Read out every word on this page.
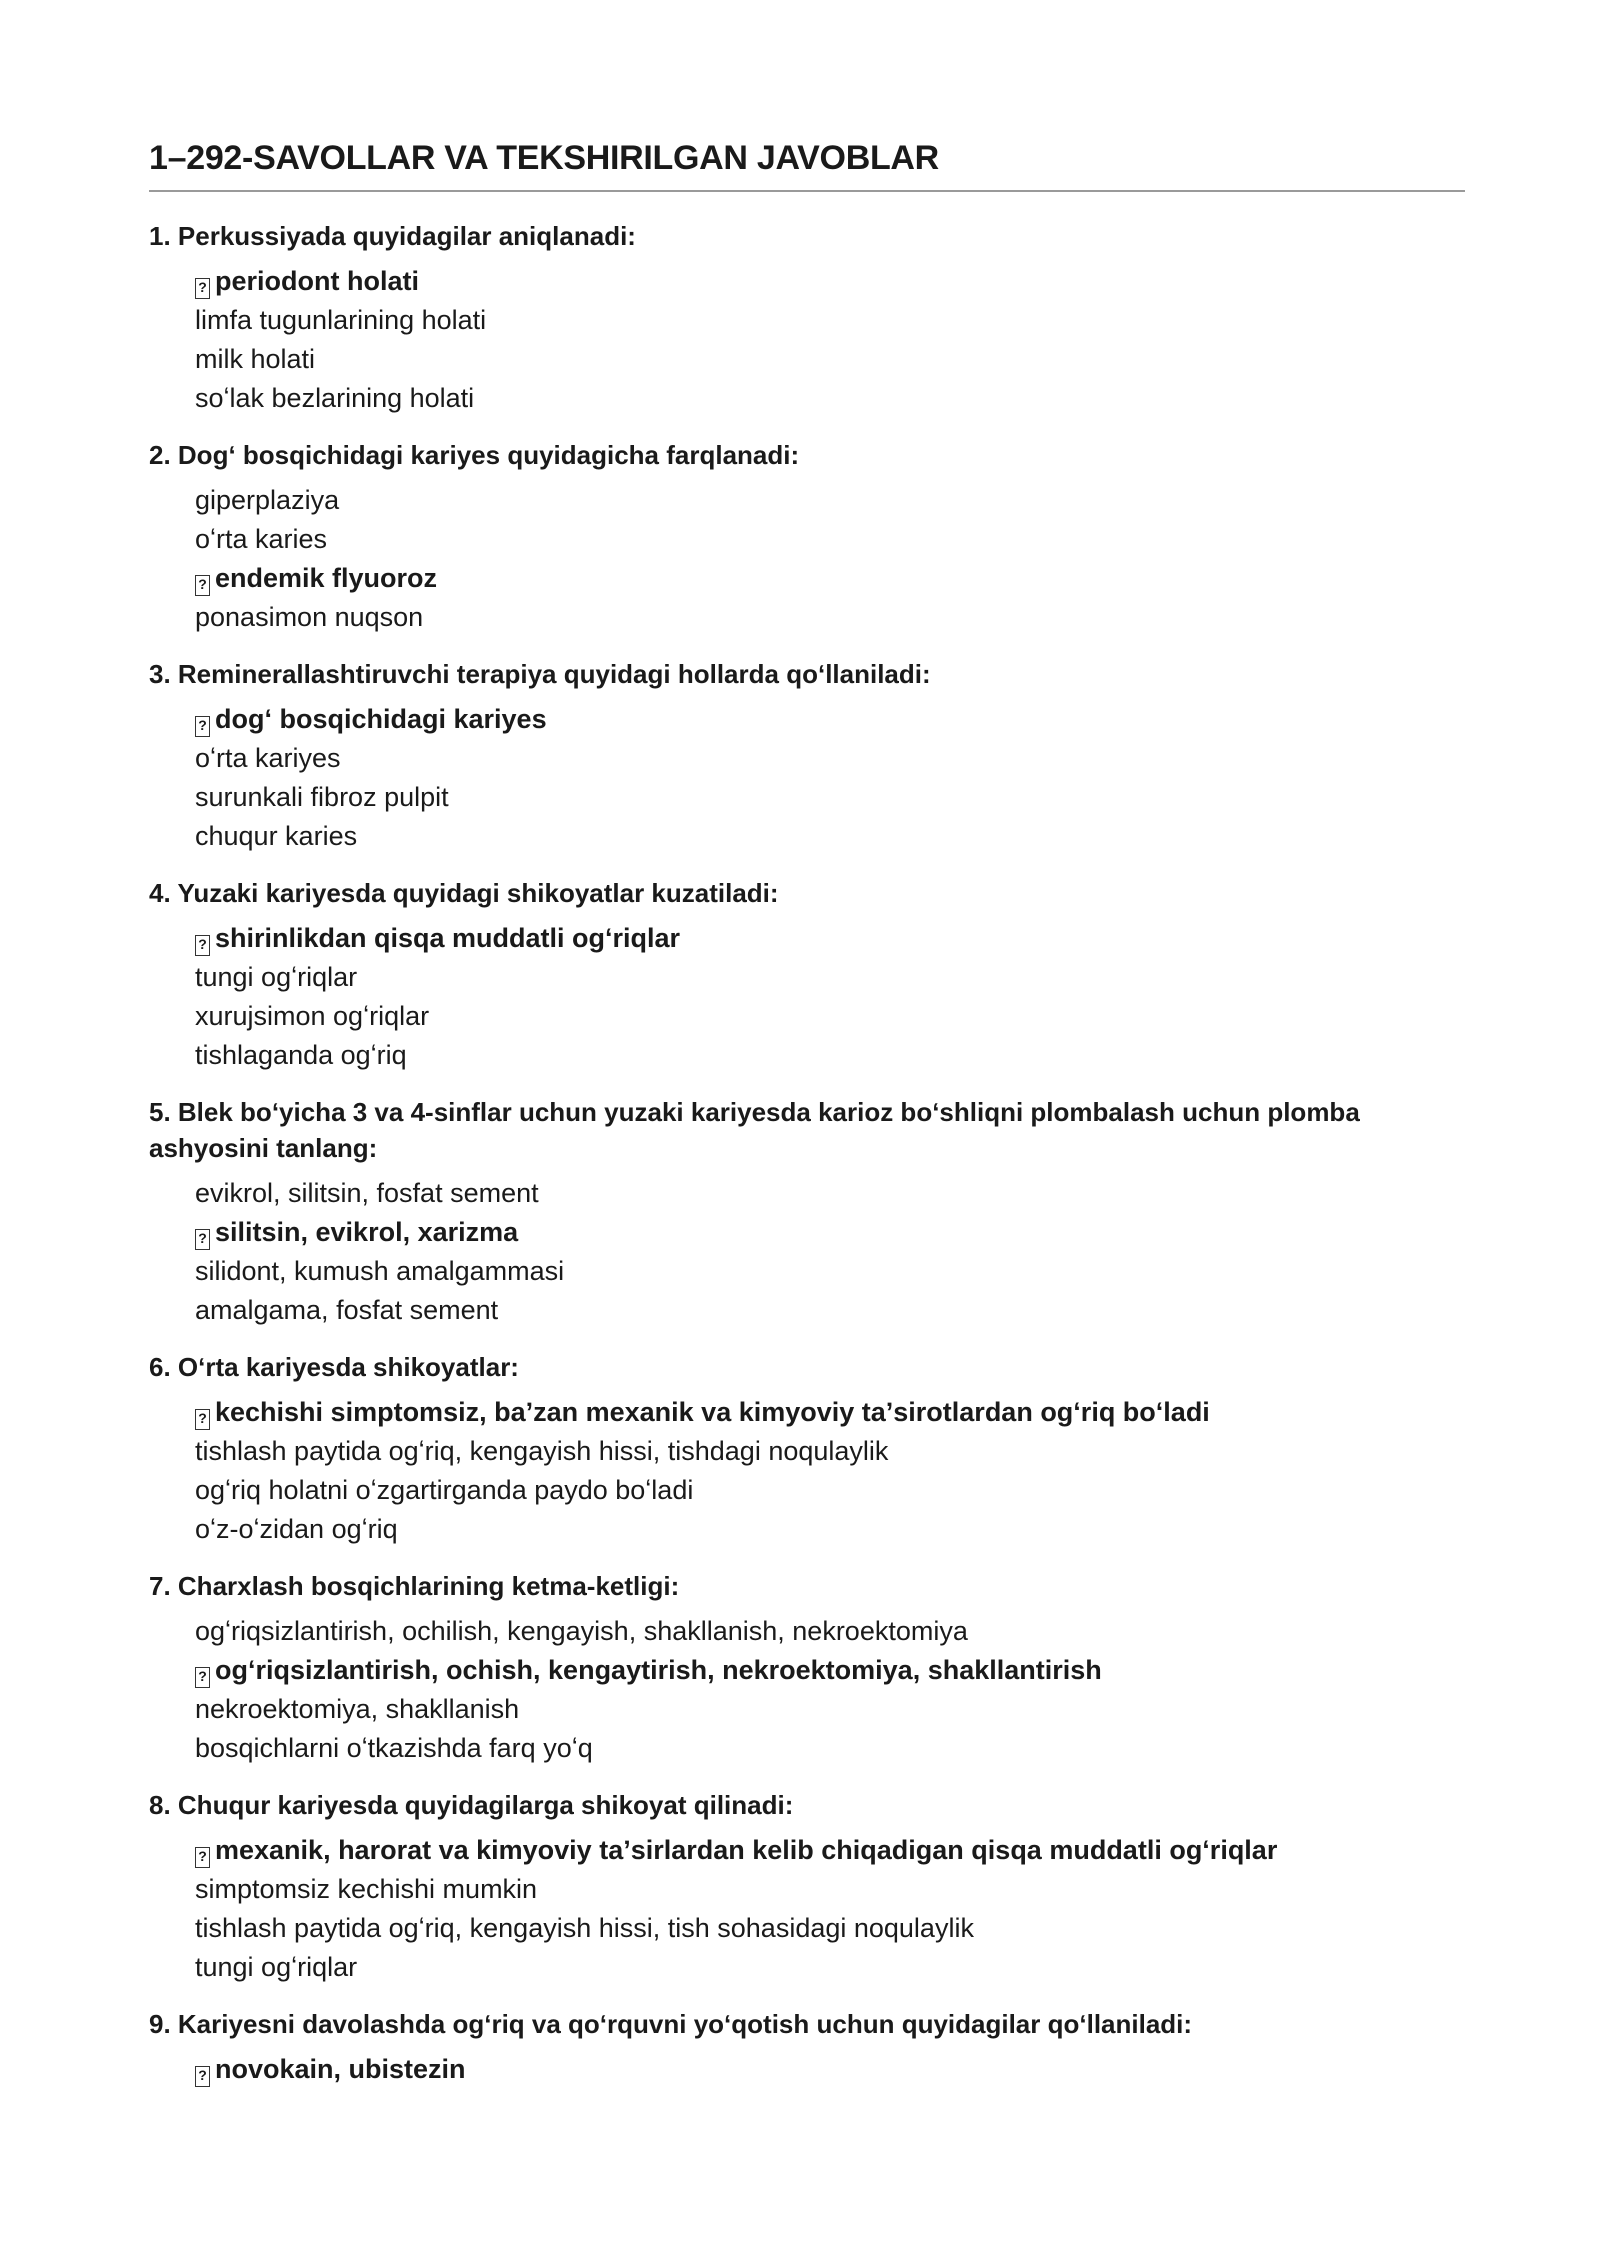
1–292-SAVOLLAR VA TEKSHIRILGAN JAVOBLAR
1. Perkussiyada quyidagilar aniqlanadi:
? periodont holati
limfa tugunlarining holati
milk holati
soʻlak bezlarining holati
2. Dogʻ bosqichidagi kariyes quyidagicha farqlanadi:
giperplaziya
oʻrta karies
? endemik flyuoroz
ponasimon nuqson
3. Reminerallashtiruvchi terapiya quyidagi hollarda qoʻllaniladi:
? dogʻ bosqichidagi kariyes
oʻrta kariyes
surunkali fibroz pulpit
chuqur karies
4. Yuzaki kariyesda quyidagi shikoyatlar kuzatiladi:
? shirinlikdan qisqa muddatli ogʻriqlar
tungi ogʻriqlar
xurujsimon ogʻriqlar
tishlaganda ogʻriq
5. Blek boʻyicha 3 va 4-sinflar uchun yuzaki kariyesda karioz boʻshliqni plombalash uchun plomba ashyosini tanlang:
evikrol, silitsin, fosfat sement
? silitsin, evikrol, xarizma
silidont, kumush amalgammasi
amalgama, fosfat sement
6. Oʻrta kariyesda shikoyatlar:
? kechishi simptomsiz, baʼzan mexanik va kimyoviy taʼsirotlardan ogʻriq boʻladi
tishlash paytida ogʻriq, kengayish hissi, tishdagi noqulaylik
ogʻriq holatni oʻzgartirganda paydo boʻladi
oʻz-oʻzidan ogʻriq
7. Charxlash bosqichlarining ketma-ketligi:
ogʻriqsizlantirish, ochilish, kengayish, shakllanish, nekroektomiya
? ogʻriqsizlantirish, ochish, kengaytirish, nekroektomiya, shakllantirish
nekroektomiya, shakllanish
bosqichlarni oʻtkazishda farq yoʻq
8. Chuqur kariyesda quyidagilarga shikoyat qilinadi:
? mexanik, harorat va kimyoviy taʼsirlardan kelib chiqadigan qisqa muddatli ogʻriqlar
simptomsiz kechishi mumkin
tishlash paytida ogʻriq, kengayish hissi, tish sohasidagi noqulaylik
tungi ogʻriqlar
9. Kariyesni davolashda ogʻriq va qoʻrquvni yoʻqotish uchun quyidagilar qoʻllaniladi:
? novokain, ubistezin
